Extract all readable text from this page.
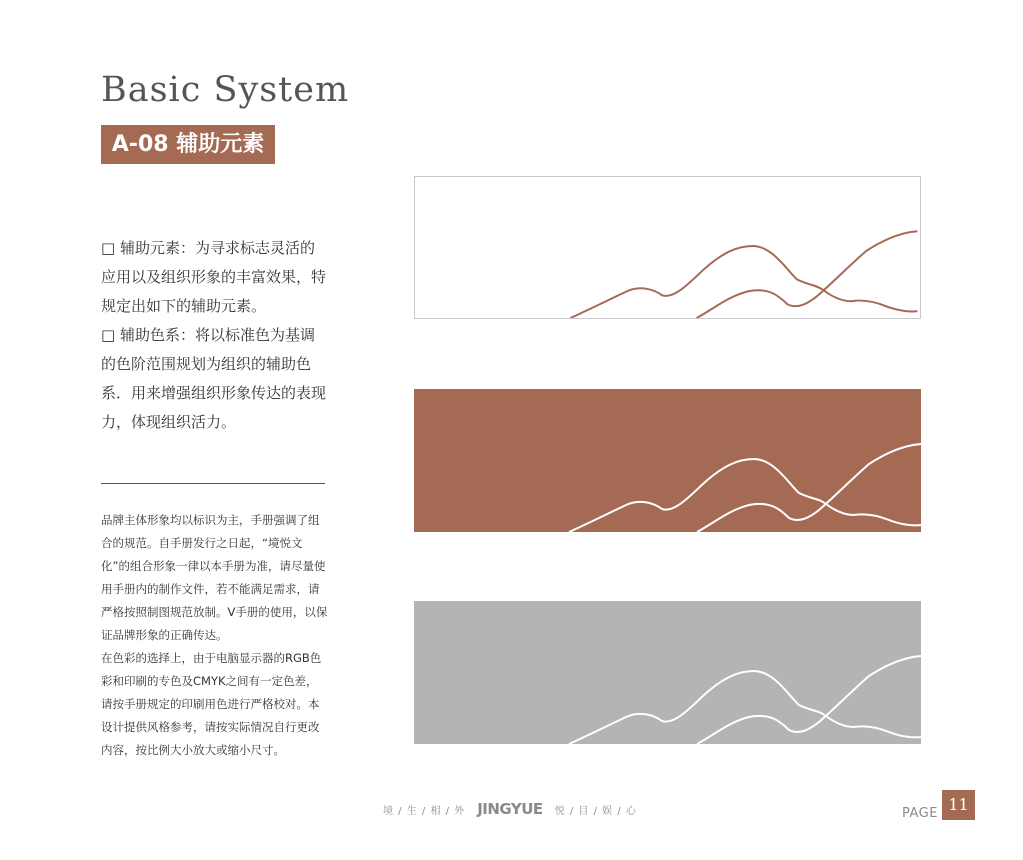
Basic System
A-08 辅助元素

□ 辅助元素：为寻求标志灵活的应用以及组织形象的丰富效果，特规定出如下的辅助元素。

□ 辅助色系：将以标准色为基调的色阶范围规划为组织的辅助色系．用来增强组织形象传达的表现力，体现组织活力。

品牌主体形象均以标识为主，手册强调了组合的规范。自手册发行之日起，“境悦文化”的组合形象一律以本手册为准，请尽量使用手册内的制作文件，若不能满足需求，请严格按照制图规范放制。V手册的使用，以保证品牌形象的正确传达。

在色彩的选择上，由于电脑显示器的RGB色彩和印刷的专色及CMYK之间有一定色差，请按手册规定的印刷用色进行严格校对。本设计提供风格参考，请按实际情况自行更改内容，按比例大小放大或缩小尺寸。

境 / 生 / 相 / 外 JINGYUE 悦 / 目 / 娱 / 心	PAGE 11
